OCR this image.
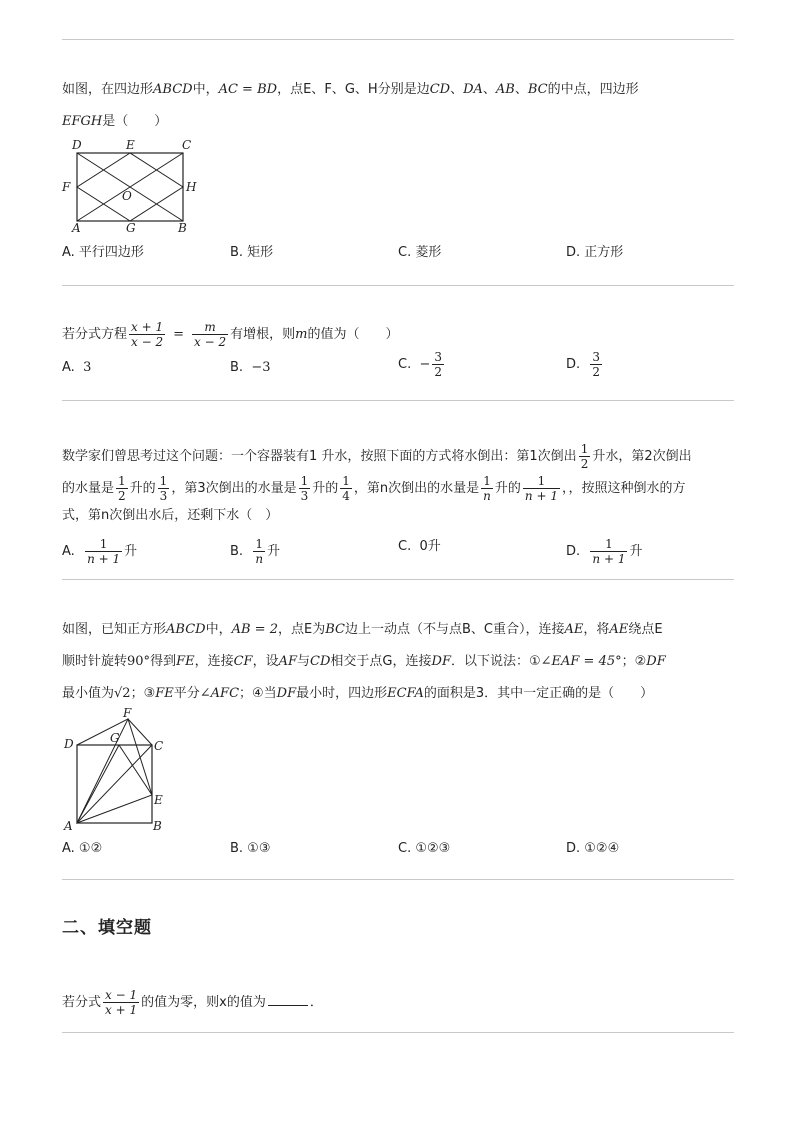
如图，在四边形ABCD中，AC = BD，点E、F、G、H分别是边CD、DA、AB、BC的中点，四边形
EFGH是（　　）
D	E	C
F
O
H
A	G	B
A. 平行四边形	B. 矩形	C. 菱形	D. 正方形
若分式方程 $\frac{x + 1}{x - 2} = \frac{m}{x - 2}$ 有增根，则m的值为（　　）
A. 3	B. −3	C. − $\frac{3}{2}$	D. $\frac{3}{2}$
数学家们曾思考过这个问题：一个容器装有1 升水，按照下面的方式将水倒出：第1次倒出 $\frac{1}{2}$ 升水，第2次倒出
的水量是 $\frac{1}{2}$ 升的 $\frac{1}{3}$ ，第3次倒出的水量是 $\frac{1}{3}$ 升的 $\frac{1}{4}$ ，第n次倒出的水量是 $\frac{1}{n}$ 升的 $\frac{1}{n + 1}$ ，，按照这种倒水的方
式，第n次倒出水后，还剩下水（　）
A. $\frac{1}{n + 1}$ 升	B. $\frac{1}{n}$ 升	C. 0升	D. $\frac{1}{n + 1}$ 升
如图，已知正方形ABCD中，AB = 2，点E为BC边上一动点（不与点B、C重合），连接AE，将AE绕点E
顺时针旋转90°得到FE，连接CF，设AF与CD相交于点G，连接DF．以下说法：①∠EAF = 45°；②DF
最小值为√2；③FE平分∠AFC；④当DF最小时，四边形ECFA的面积是3．其中一定正确的是（　　）
F
G
D	C
E
A	B
A. ①②	B. ①③	C. ①②③	D. ①②④
二、填空题
若分式 $\frac{x - 1}{x + 1}$ 的值为零，则x的值为	．
